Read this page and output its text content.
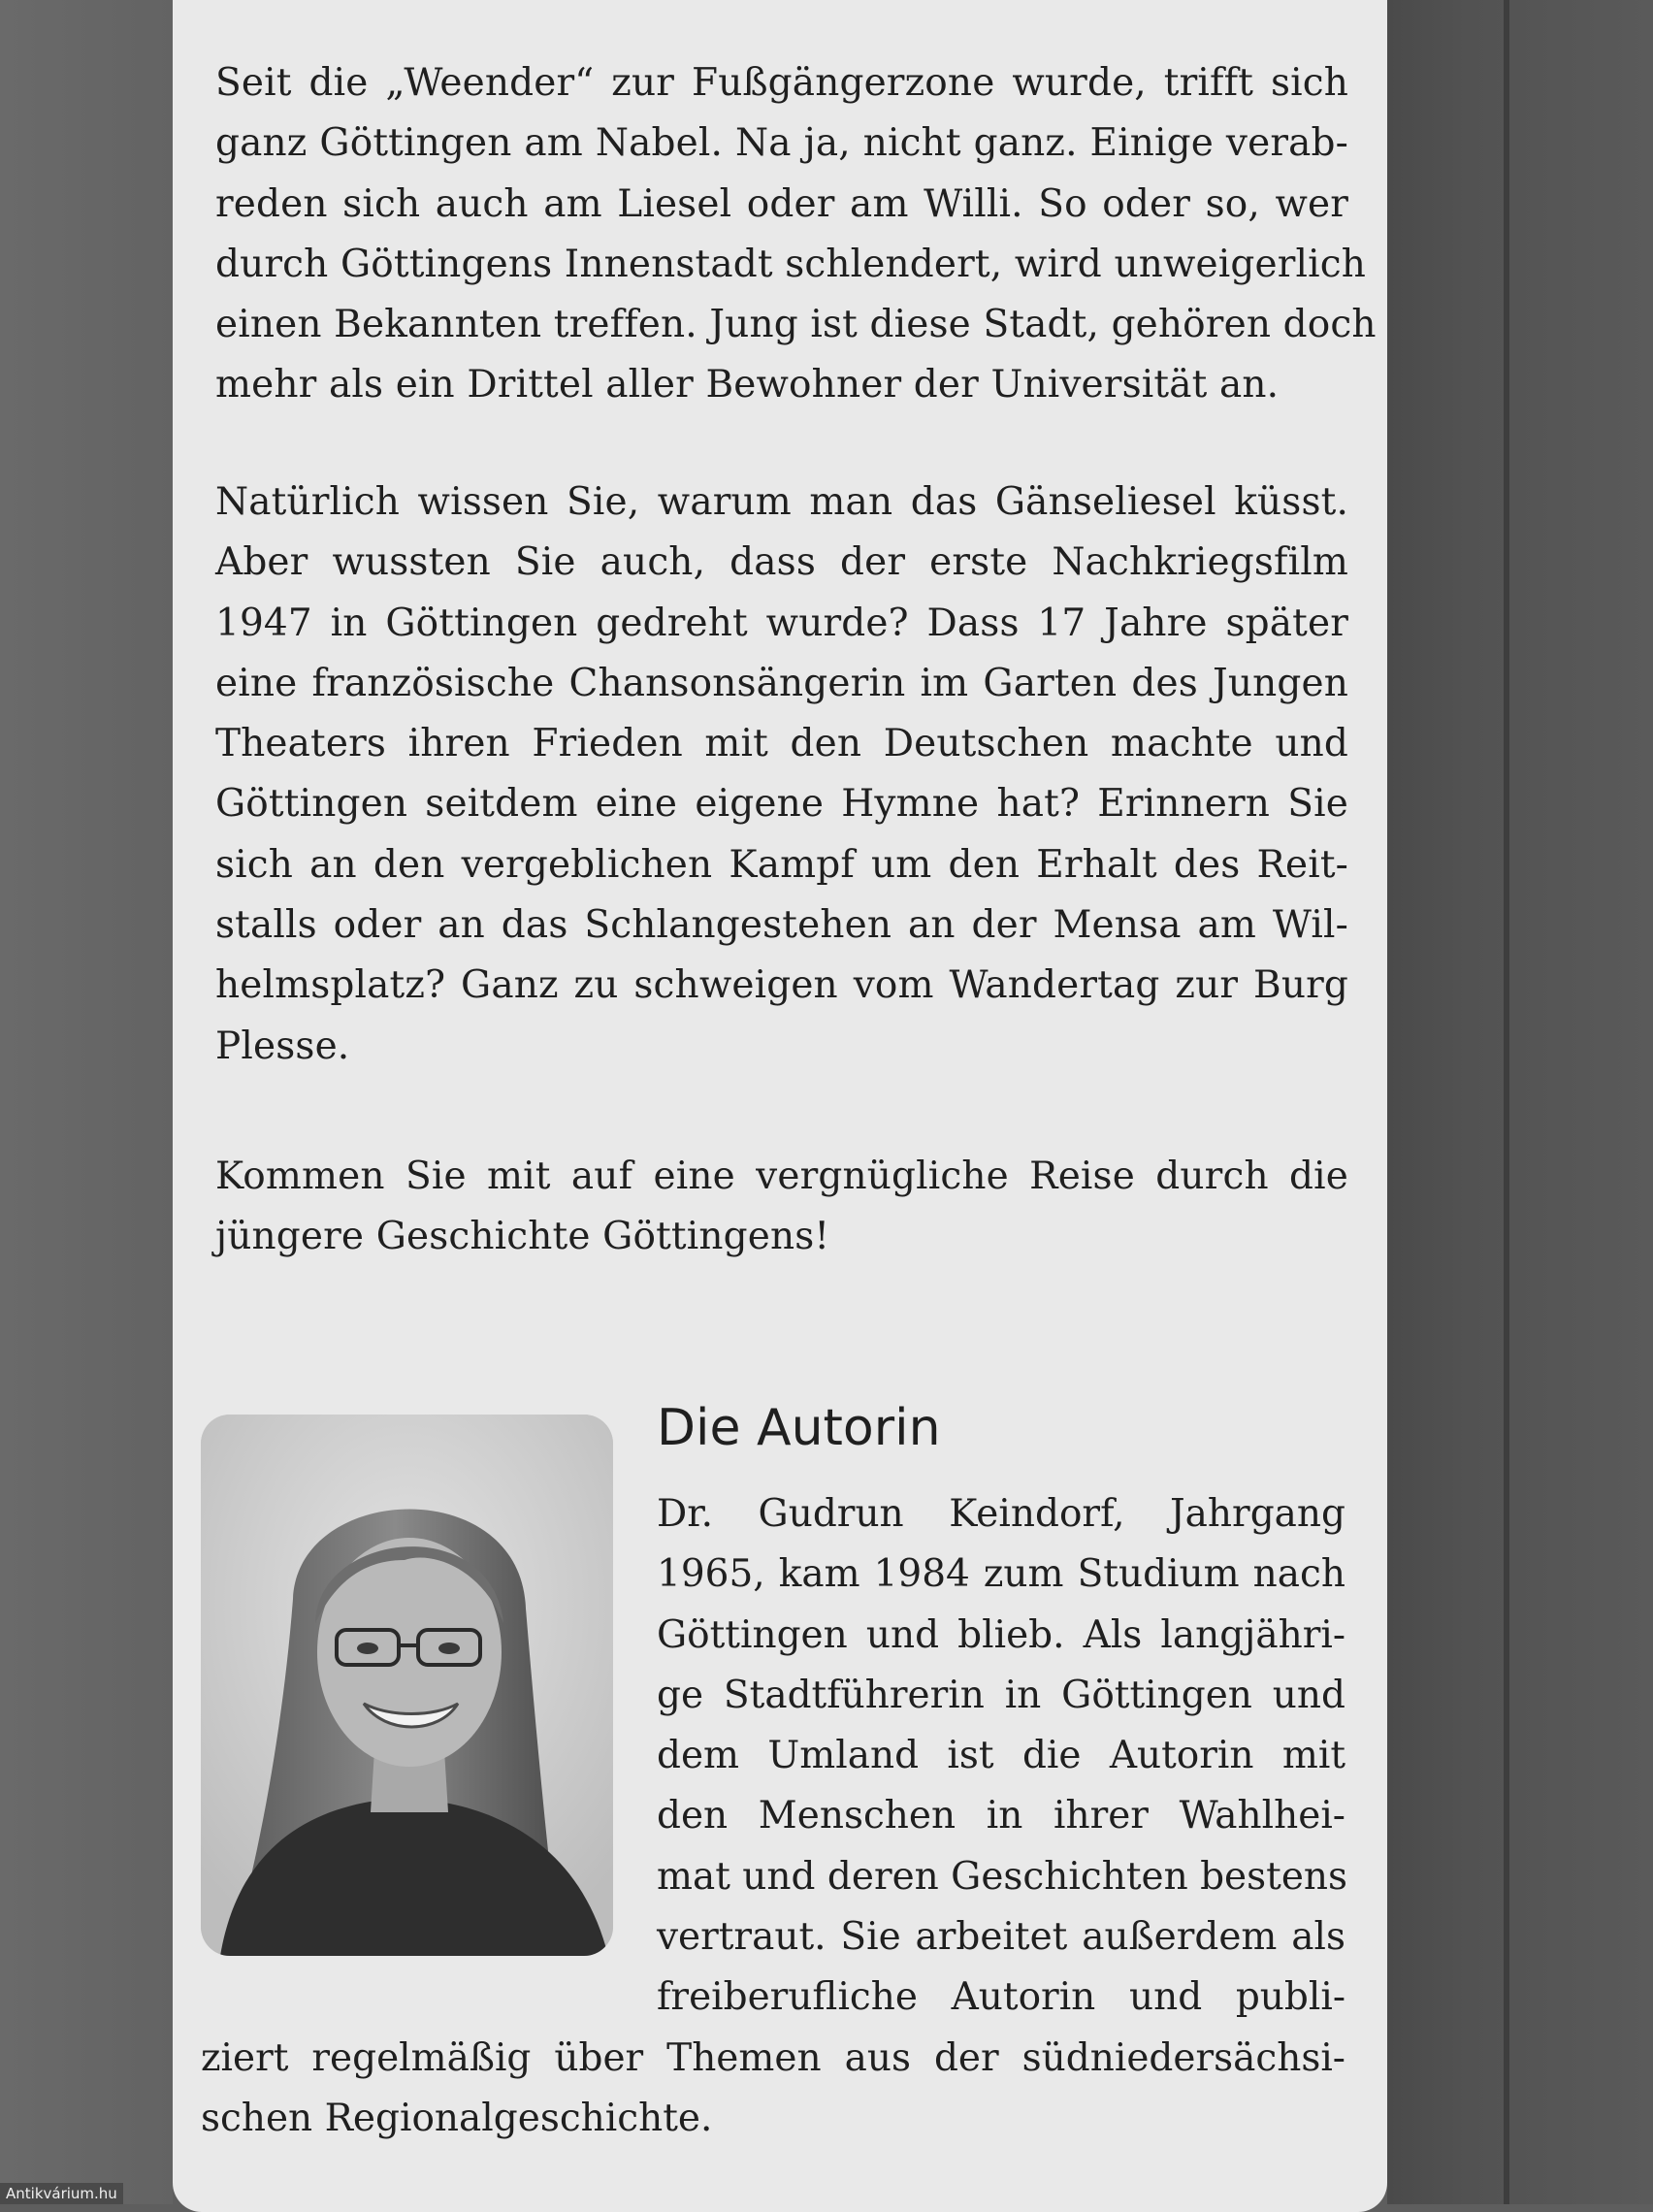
Seit die „Weender“ zur Fußgängerzone wurde, trifft sich
ganz Göttingen am Nabel. Na ja, nicht ganz. Einige verab-
reden sich auch am Liesel oder am Willi. So oder so, wer
durch Göttingens Innenstadt schlendert, wird unweigerlich
einen Bekannten treffen. Jung ist diese Stadt, gehören doch
mehr als ein Drittel aller Bewohner der Universität an.
Natürlich wissen Sie, warum man das Gänseliesel küsst.
Aber wussten Sie auch, dass der erste Nachkriegsfilm
1947 in Göttingen gedreht wurde? Dass 17 Jahre später
eine französische Chansonsängerin im Garten des Jungen
Theaters ihren Frieden mit den Deutschen machte und
Göttingen seitdem eine eigene Hymne hat? Erinnern Sie
sich an den vergeblichen Kampf um den Erhalt des Reit-
stalls oder an das Schlangestehen an der Mensa am Wil-
helmsplatz? Ganz zu schweigen vom Wandertag zur Burg
Plesse.
Kommen Sie mit auf eine vergnügliche Reise durch die
jüngere Geschichte Göttingens!
Die Autorin
Dr. Gudrun Keindorf, Jahrgang
1965, kam 1984 zum Studium nach
Göttingen und blieb. Als langjähri-
ge Stadtführerin in Göttingen und
dem Umland ist die Autorin mit
den Menschen in ihrer Wahlhei-
mat und deren Geschichten bestens
vertraut. Sie arbeitet außerdem als
freiberufliche Autorin und publi-
ziert regelmäßig über Themen aus der südniedersächsi-
schen Regionalgeschichte.
Antikvárium.hu
